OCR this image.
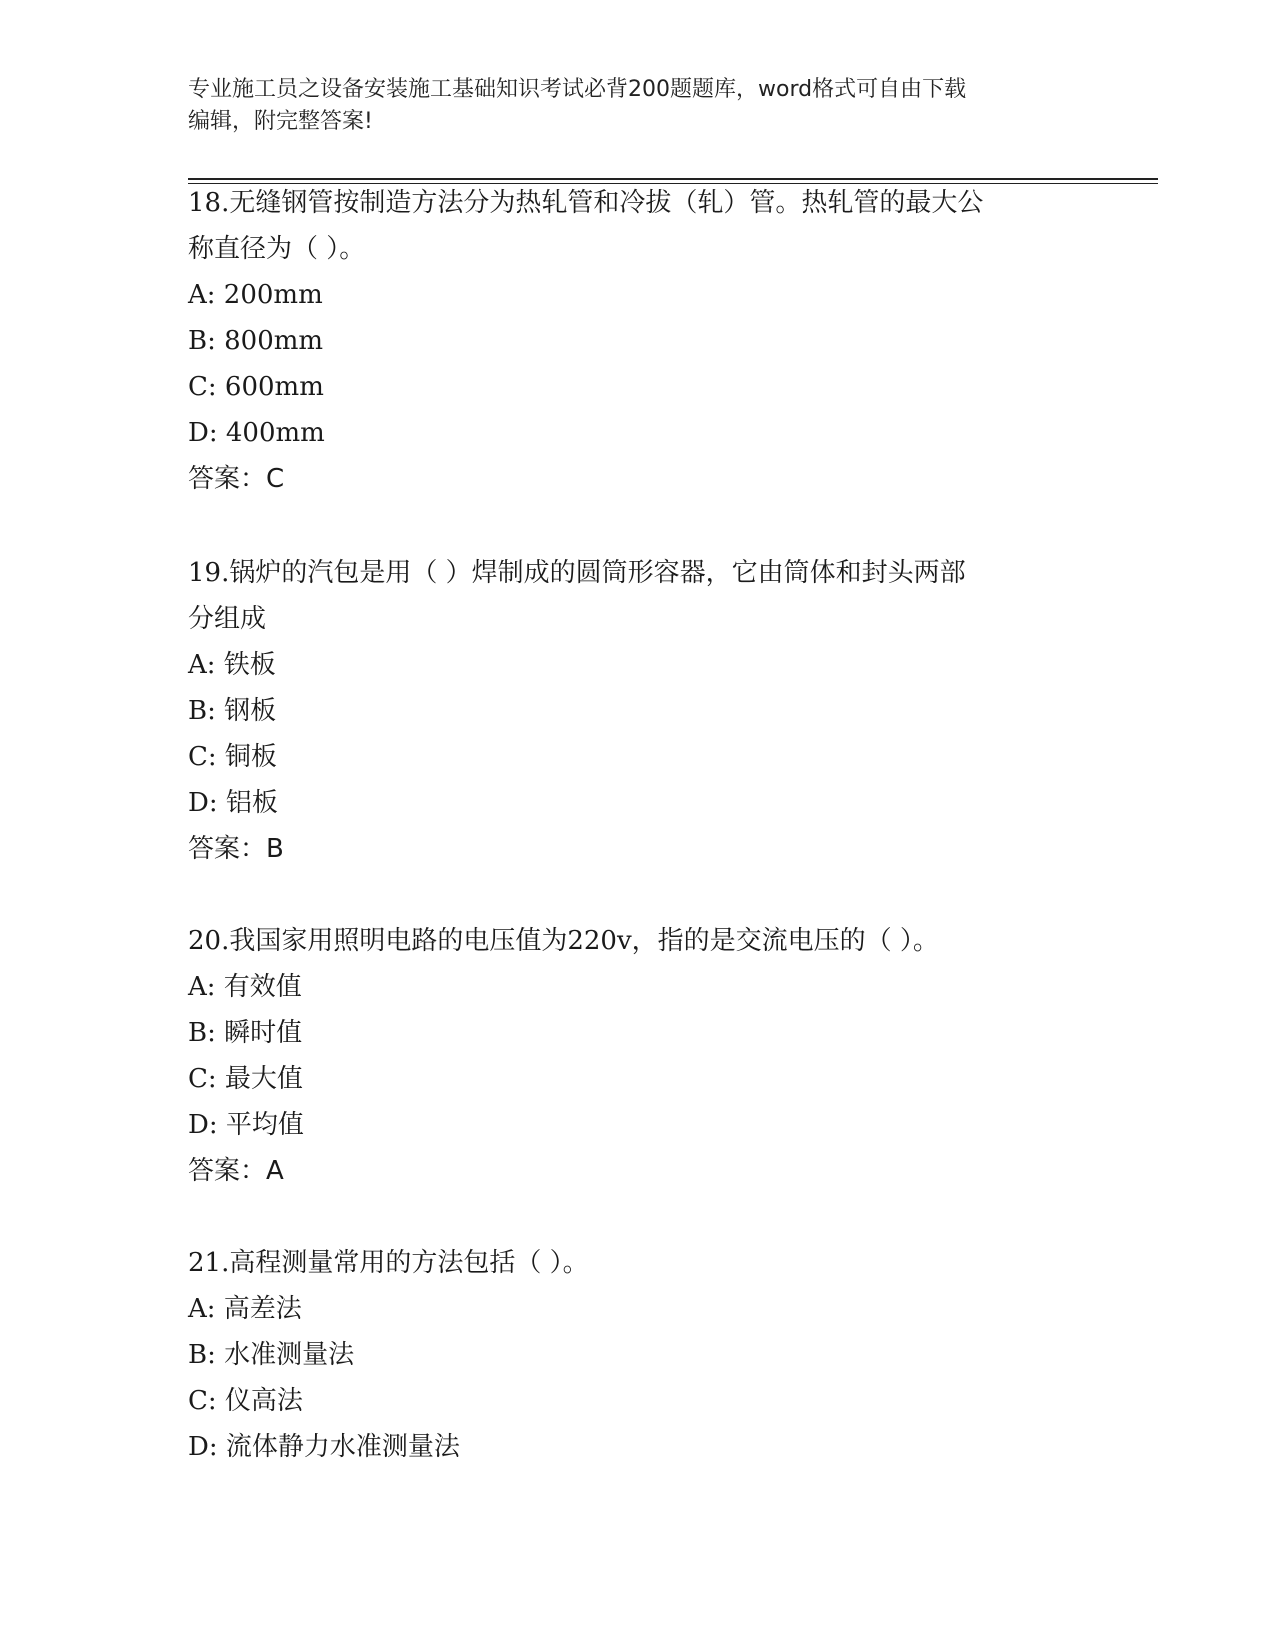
专业施工员之设备安装施工基础知识考试必背200题题库，word格式可自由下载

编辑，附完整答案!

18.无缝钢管按制造方法分为热轧管和冷拔（轧）管。热轧管的最大公
称直径为（ ）。
A: 200mm
B: 800mm
C: 600mm
D: 400mm
答案：C
19.锅炉的汽包是用（ ）焊制成的圆筒形容器，它由筒体和封头两部
分组成
A: 铁板
B: 钢板
C: 铜板
D: 铝板
答案：B
20.我国家用照明电路的电压值为220v，指的是交流电压的（ ）。
A: 有效值
B: 瞬时值
C: 最大值
D: 平均值
答案：A
21.高程测量常用的方法包括（ ）。
A: 高差法
B: 水准测量法
C: 仪高法
D: 流体静力水准测量法
